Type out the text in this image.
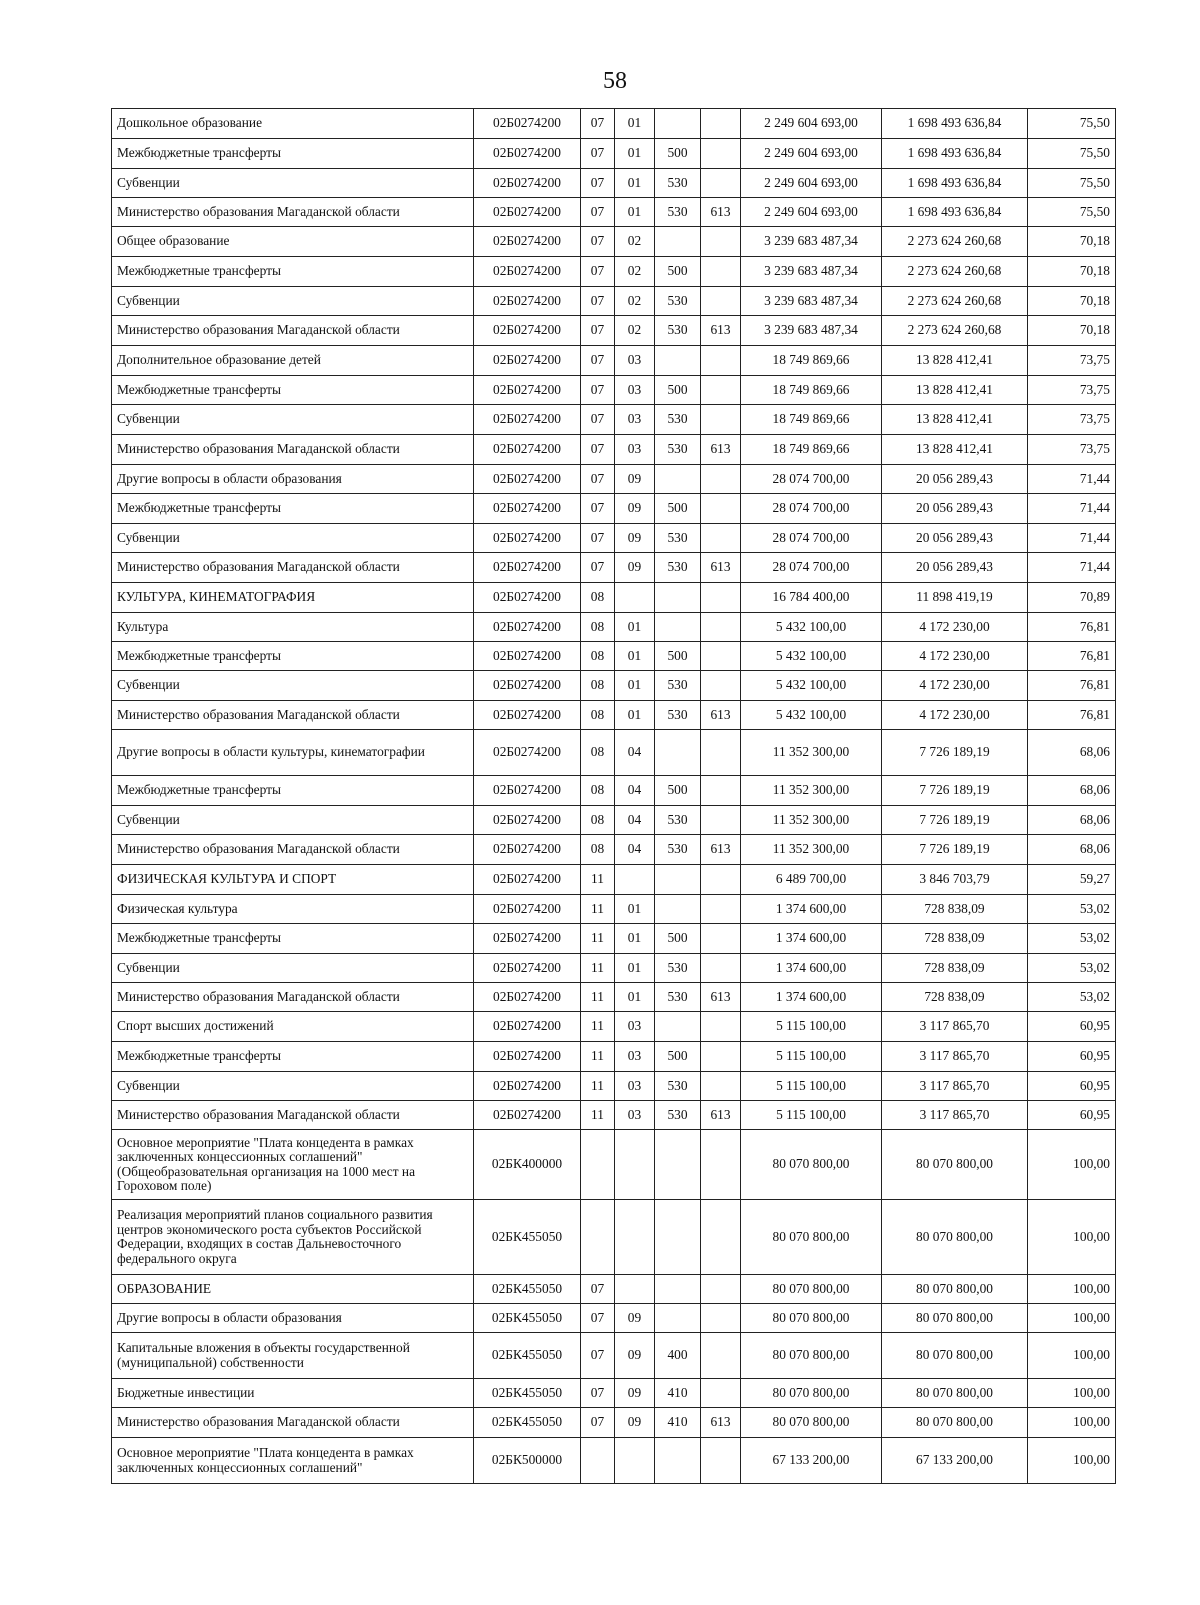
58
Дошкольное образование	02Б0274200	07	01			2 249 604 693,00	1 698 493 636,84	75,50
Межбюджетные трансферты	02Б0274200	07	01	500		2 249 604 693,00	1 698 493 636,84	75,50
Субвенции	02Б0274200	07	01	530		2 249 604 693,00	1 698 493 636,84	75,50
Министерство образования Магаданской области	02Б0274200	07	01	530	613	2 249 604 693,00	1 698 493 636,84	75,50
Общее образование	02Б0274200	07	02			3 239 683 487,34	2 273 624 260,68	70,18
Межбюджетные трансферты	02Б0274200	07	02	500		3 239 683 487,34	2 273 624 260,68	70,18
Субвенции	02Б0274200	07	02	530		3 239 683 487,34	2 273 624 260,68	70,18
Министерство образования Магаданской области	02Б0274200	07	02	530	613	3 239 683 487,34	2 273 624 260,68	70,18
Дополнительное образование детей	02Б0274200	07	03			18 749 869,66	13 828 412,41	73,75
Межбюджетные трансферты	02Б0274200	07	03	500		18 749 869,66	13 828 412,41	73,75
Субвенции	02Б0274200	07	03	530		18 749 869,66	13 828 412,41	73,75
Министерство образования Магаданской области	02Б0274200	07	03	530	613	18 749 869,66	13 828 412,41	73,75
Другие вопросы в области образования	02Б0274200	07	09			28 074 700,00	20 056 289,43	71,44
Межбюджетные трансферты	02Б0274200	07	09	500		28 074 700,00	20 056 289,43	71,44
Субвенции	02Б0274200	07	09	530		28 074 700,00	20 056 289,43	71,44
Министерство образования Магаданской области	02Б0274200	07	09	530	613	28 074 700,00	20 056 289,43	71,44
КУЛЬТУРА, КИНЕМАТОГРАФИЯ	02Б0274200	08				16 784 400,00	11 898 419,19	70,89
Культура	02Б0274200	08	01			5 432 100,00	4 172 230,00	76,81
Межбюджетные трансферты	02Б0274200	08	01	500		5 432 100,00	4 172 230,00	76,81
Субвенции	02Б0274200	08	01	530		5 432 100,00	4 172 230,00	76,81
Министерство образования Магаданской области	02Б0274200	08	01	530	613	5 432 100,00	4 172 230,00	76,81
Другие вопросы в области культуры, кинематографии	02Б0274200	08	04			11 352 300,00	7 726 189,19	68,06
Межбюджетные трансферты	02Б0274200	08	04	500		11 352 300,00	7 726 189,19	68,06
Субвенции	02Б0274200	08	04	530		11 352 300,00	7 726 189,19	68,06
Министерство образования Магаданской области	02Б0274200	08	04	530	613	11 352 300,00	7 726 189,19	68,06
ФИЗИЧЕСКАЯ КУЛЬТУРА И СПОРТ	02Б0274200	11				6 489 700,00	3 846 703,79	59,27
Физическая культура	02Б0274200	11	01			1 374 600,00	728 838,09	53,02
Межбюджетные трансферты	02Б0274200	11	01	500		1 374 600,00	728 838,09	53,02
Субвенции	02Б0274200	11	01	530		1 374 600,00	728 838,09	53,02
Министерство образования Магаданской области	02Б0274200	11	01	530	613	1 374 600,00	728 838,09	53,02
Спорт высших достижений	02Б0274200	11	03			5 115 100,00	3 117 865,70	60,95
Межбюджетные трансферты	02Б0274200	11	03	500		5 115 100,00	3 117 865,70	60,95
Субвенции	02Б0274200	11	03	530		5 115 100,00	3 117 865,70	60,95
Министерство образования Магаданской области	02Б0274200	11	03	530	613	5 115 100,00	3 117 865,70	60,95
Основное мероприятие "Плата концедента в рамках заключенных концессионных соглашений" (Общеобразовательная организация на 1000 мест на Гороховом поле)	02БК400000					80 070 800,00	80 070 800,00	100,00
Реализация мероприятий планов социального развития центров экономического роста субъектов Российской Федерации, входящих в состав Дальневосточного федерального округа	02БК455050					80 070 800,00	80 070 800,00	100,00
ОБРАЗОВАНИЕ	02БК455050	07				80 070 800,00	80 070 800,00	100,00
Другие вопросы в области образования	02БК455050	07	09			80 070 800,00	80 070 800,00	100,00
Капитальные вложения в объекты государственной (муниципальной) собственности	02БК455050	07	09	400		80 070 800,00	80 070 800,00	100,00
Бюджетные инвестиции	02БК455050	07	09	410		80 070 800,00	80 070 800,00	100,00
Министерство образования Магаданской области	02БК455050	07	09	410	613	80 070 800,00	80 070 800,00	100,00
Основное мероприятие "Плата концедента в рамках заключенных концессионных соглашений"	02БК500000					67 133 200,00	67 133 200,00	100,00
